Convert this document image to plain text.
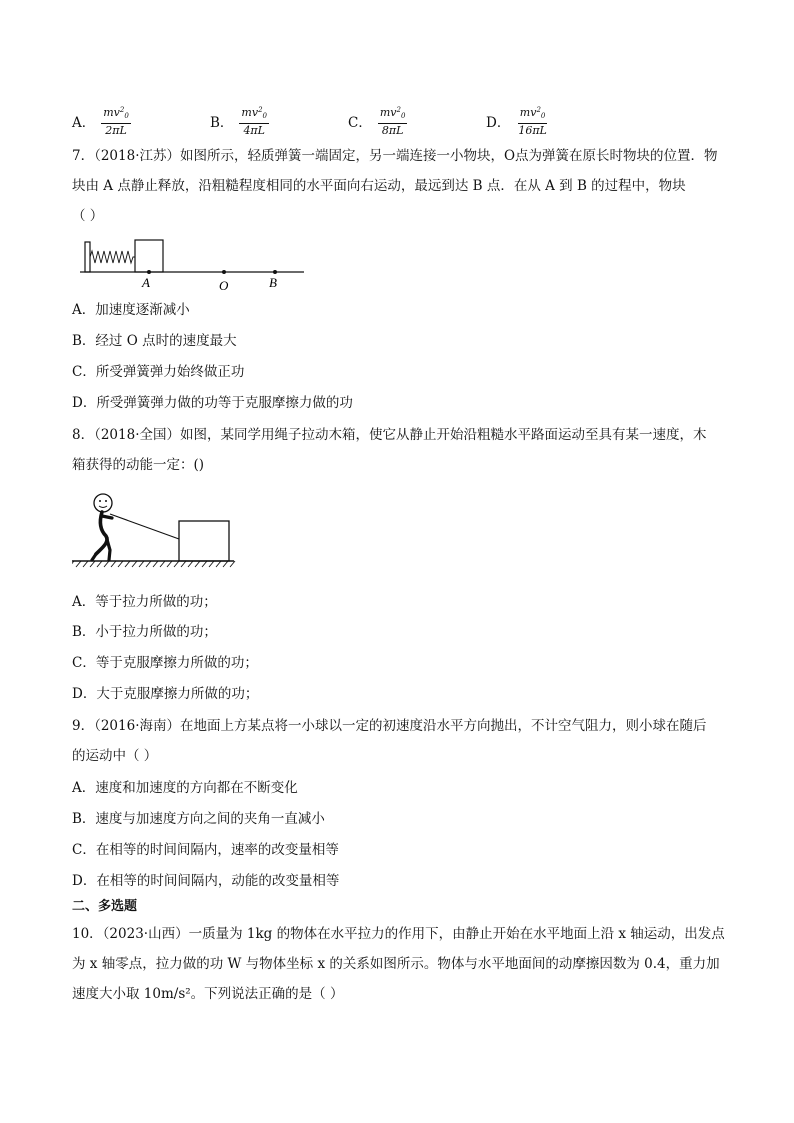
A． $\frac{mv^2_0}{2\pi L}$	B． $\frac{mv^2_0}{4\pi L}$	C． $\frac{mv^2_0}{8\pi L}$	D． $\frac{mv^2_0}{16\pi L}$
7．（2018·江苏）如图所示，轻质弹簧一端固定，另一端连接一小物块，O点为弹簧在原长时物块的位置．物
块由 A 点静止释放，沿粗糙程度相同的水平面向右运动，最远到达 B 点．在从 A 到 B 的过程中，物块
（ ）
A	O	B
A．加速度逐渐减小
B．经过 O 点时的速度最大
C．所受弹簧弹力始终做正功
D．所受弹簧弹力做的功等于克服摩擦力做的功
8．（2018·全国）如图，某同学用绳子拉动木箱，使它从静止开始沿粗糙水平路面运动至具有某一速度，木
箱获得的动能一定：()
A．等于拉力所做的功；
B．小于拉力所做的功；
C．等于克服摩擦力所做的功；
D．大于克服摩擦力所做的功；
9．（2016·海南）在地面上方某点将一小球以一定的初速度沿水平方向抛出，不计空气阻力，则小球在随后
的运动中（ ）
A．速度和加速度的方向都在不断变化
B．速度与加速度方向之间的夹角一直减小
C．在相等的时间间隔内，速率的改变量相等
D．在相等的时间间隔内，动能的改变量相等
二、多选题
10．（2023·山西）一质量为 1kg 的物体在水平拉力的作用下，由静止开始在水平地面上沿 x 轴运动，出发点
为 x 轴零点，拉力做的功 W 与物体坐标 x 的关系如图所示。物体与水平地面间的动摩擦因数为 0.4，重力加
速度大小取 10m/s²。下列说法正确的是（ ）
